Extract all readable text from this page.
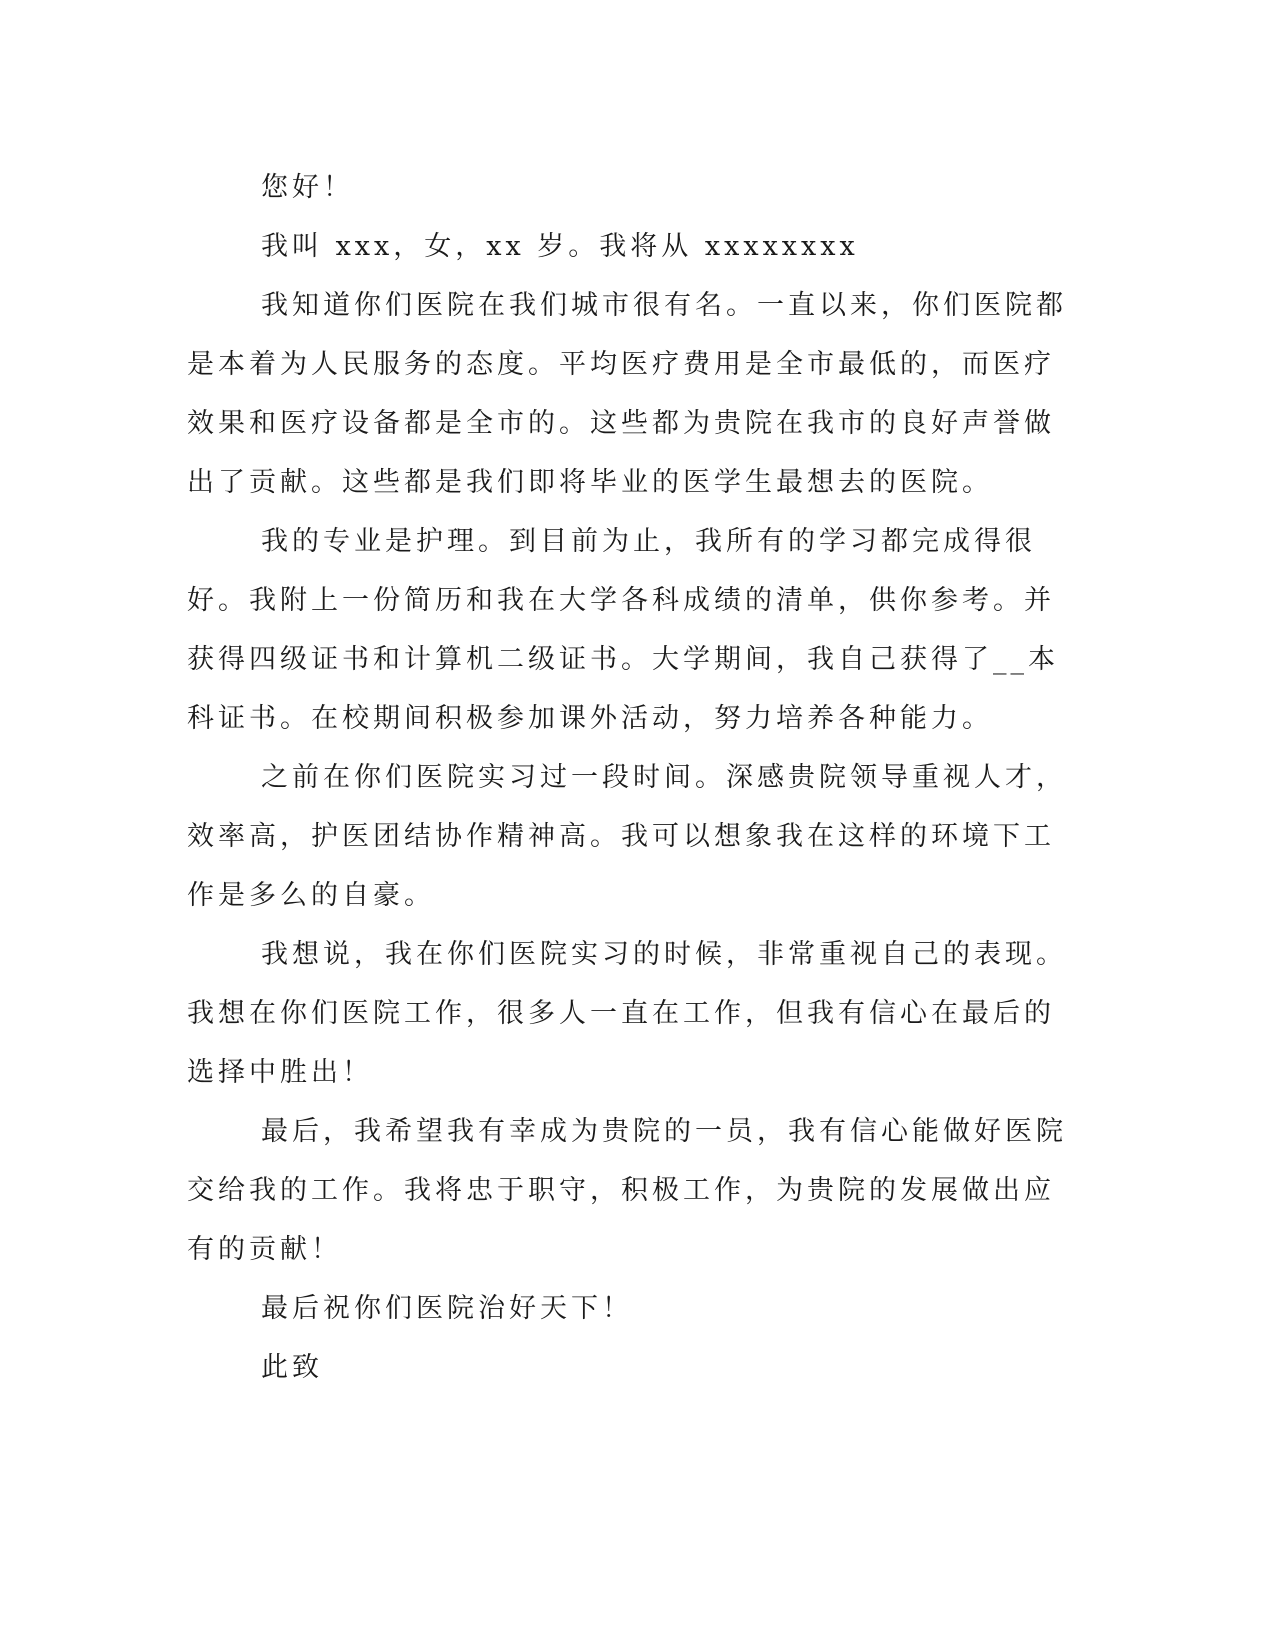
您好！

我叫 xxx，女，xx 岁。我将从 xxxxxxxx

我知道你们医院在我们城市很有名。一直以来，你们医院都是本着为人民服务的态度。平均医疗费用是全市最低的，而医疗效果和医疗设备都是全市的。这些都为贵院在我市的良好声誉做出了贡献。这些都是我们即将毕业的医学生最想去的医院。

我的专业是护理。到目前为止，我所有的学习都完成得很好。我附上一份简历和我在大学各科成绩的清单，供你参考。并获得四级证书和计算机二级证书。大学期间，我自己获得了__本科证书。在校期间积极参加课外活动，努力培养各种能力。

之前在你们医院实习过一段时间。深感贵院领导重视人才，效率高，护医团结协作精神高。我可以想象我在这样的环境下工作是多么的自豪。

我想说，我在你们医院实习的时候，非常重视自己的表现。我想在你们医院工作，很多人一直在工作，但我有信心在最后的选择中胜出！

最后，我希望我有幸成为贵院的一员，我有信心能做好医院交给我的工作。我将忠于职守，积极工作，为贵院的发展做出应有的贡献！

最后祝你们医院治好天下！

此致
